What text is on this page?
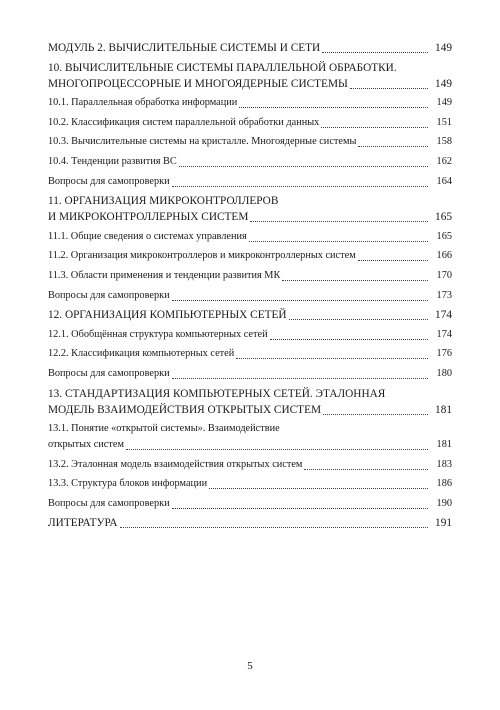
МОДУЛЬ 2. ВЫЧИСЛИТЕЛЬНЫЕ СИСТЕМЫ И СЕТИ	149
10. ВЫЧИСЛИТЕЛЬНЫЕ СИСТЕМЫ ПАРАЛЛЕЛЬНОЙ ОБРАБОТКИ.
МНОГОПРОЦЕССОРНЫЕ И МНОГОЯДЕРНЫЕ СИСТЕМЫ	149
10.1. Параллельная обработка информации	149
10.2. Классификация систем параллельной обработки данных	151
10.3. Вычислительные системы на кристалле. Многоядерные системы	158
10.4. Тенденции развития ВС	162
Вопросы для самопроверки	164
11. ОРГАНИЗАЦИЯ МИКРОКОНТРОЛЛЕРОВ
И МИКРОКОНТРОЛЛЕРНЫХ СИСТЕМ	165
11.1. Общие сведения о системах управления	165
11.2. Организация микроконтроллеров и микроконтроллерных систем	166
11.3. Области применения и тенденции развития МК	170
Вопросы для самопроверки	173
12. ОРГАНИЗАЦИЯ КОМПЬЮТЕРНЫХ СЕТЕЙ	174
12.1. Обобщённая структура компьютерных сетей	174
12.2. Классификация компьютерных сетей	176
Вопросы для самопроверки	180
13. СТАНДАРТИЗАЦИЯ КОМПЬЮТЕРНЫХ СЕТЕЙ. ЭТАЛОННАЯ
МОДЕЛЬ ВЗАИМОДЕЙСТВИЯ ОТКРЫТЫХ СИСТЕМ	181
13.1. Понятие «открытой системы». Взаимодействие
открытых систем	181
13.2. Эталонная модель взаимодействия открытых систем	183
13.3. Структура блоков информации	186
Вопросы для самопроверки	190
ЛИТЕРАТУРА	191
5
